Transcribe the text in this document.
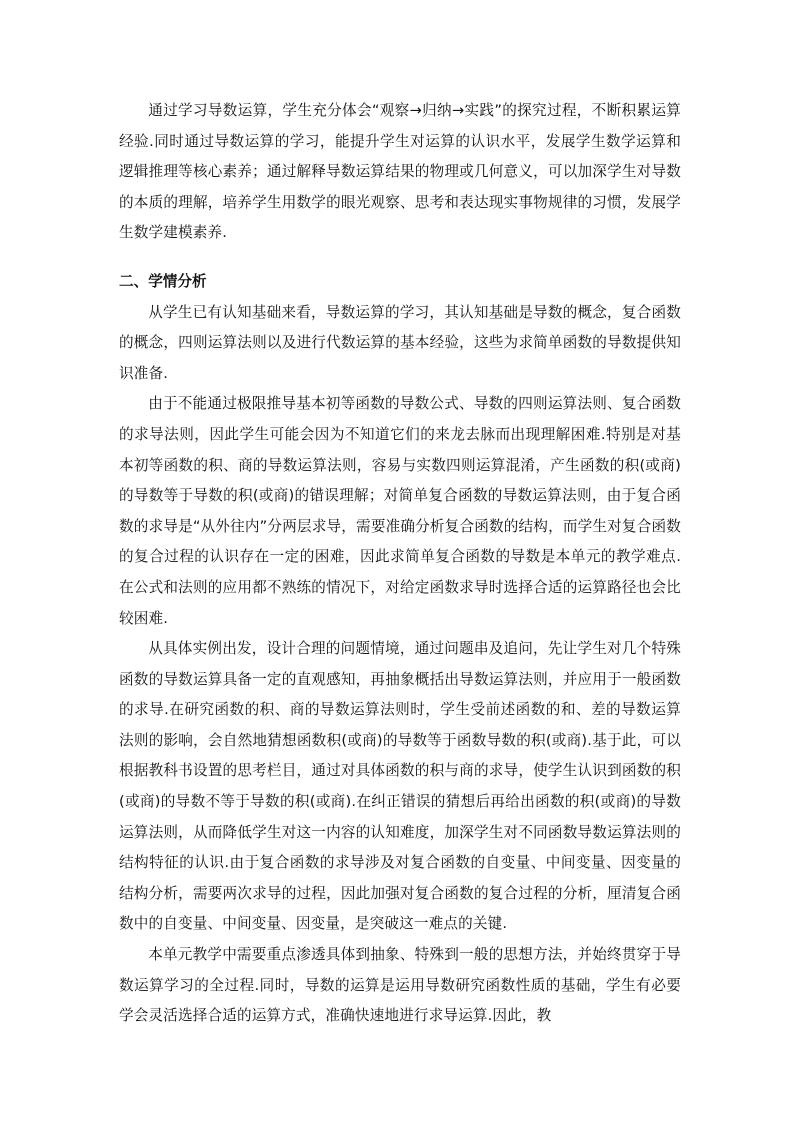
通过学习导数运算，学生充分体会“观察→归纳→实践”的探究过程，不断积累运算经验.同时通过导数运算的学习，能提升学生对运算的认识水平，发展学生数学运算和逻辑推理等核心素养；通过解释导数运算结果的物理或几何意义，可以加深学生对导数的本质的理解，培养学生用数学的眼光观察、思考和表达现实事物规律的习惯，发展学生数学建模素养.

二、学情分析

从学生已有认知基础来看，导数运算的学习，其认知基础是导数的概念，复合函数的概念，四则运算法则以及进行代数运算的基本经验，这些为求简单函数的导数提供知识准备.

由于不能通过极限推导基本初等函数的导数公式、导数的四则运算法则、复合函数的求导法则，因此学生可能会因为不知道它们的来龙去脉而出现理解困难.特别是对基本初等函数的积、商的导数运算法则，容易与实数四则运算混淆，产生函数的积(或商)的导数等于导数的积(或商)的错误理解；对简单复合函数的导数运算法则，由于复合函数的求导是“从外往内”分两层求导，需要准确分析复合函数的结构，而学生对复合函数的复合过程的认识存在一定的困难，因此求简单复合函数的导数是本单元的教学难点.在公式和法则的应用都不熟练的情况下，对给定函数求导时选择合适的运算路径也会比较困难.

从具体实例出发，设计合理的问题情境，通过问题串及追问，先让学生对几个特殊函数的导数运算具备一定的直观感知，再抽象概括出导数运算法则，并应用于一般函数的求导.在研究函数的积、商的导数运算法则时，学生受前述函数的和、差的导数运算法则的影响，会自然地猜想函数积(或商)的导数等于函数导数的积(或商).基于此，可以根据教科书设置的思考栏目，通过对具体函数的积与商的求导，使学生认识到函数的积(或商)的导数不等于导数的积(或商).在纠正错误的猜想后再给出函数的积(或商)的导数运算法则，从而降低学生对这一内容的认知难度，加深学生对不同函数导数运算法则的结构特征的认识.由于复合函数的求导涉及对复合函数的自变量、中间变量、因变量的结构分析，需要两次求导的过程，因此加强对复合函数的复合过程的分析，厘清复合函数中的自变量、中间变量、因变量，是突破这一难点的关键.

本单元教学中需要重点渗透具体到抽象、特殊到一般的思想方法，并始终贯穿于导数运算学习的全过程.同时，导数的运算是运用导数研究函数性质的基础，学生有必要学会灵活选择合适的运算方式，准确快速地进行求导运算.因此，教
